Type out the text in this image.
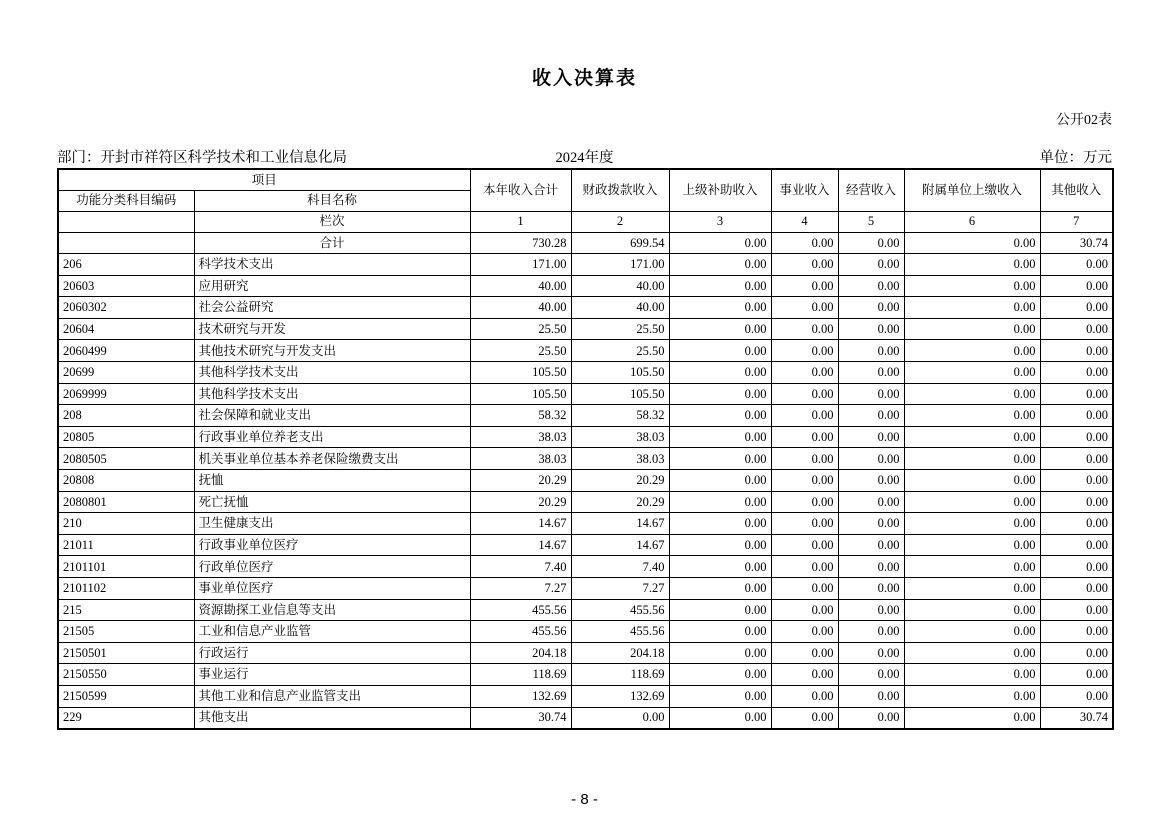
收入决算表
公开02表
部门：开封市祥符区科学技术和工业信息化局	2024年度	单位：万元
项目		本年收入合计	财政拨款收入	上级补助收入	事业收入	经营收入	附属单位上缴收入	其他收入
功能分类科目编码	科目名称							
	栏次	1	2	3	4	5	6	7
	合计	730.28	699.54	0.00	0.00	0.00	0.00	30.74
206	科学技术支出	171.00	171.00	0.00	0.00	0.00	0.00	0.00
20603	应用研究	40.00	40.00	0.00	0.00	0.00	0.00	0.00
2060302	社会公益研究	40.00	40.00	0.00	0.00	0.00	0.00	0.00
20604	技术研究与开发	25.50	25.50	0.00	0.00	0.00	0.00	0.00
2060499	其他技术研究与开发支出	25.50	25.50	0.00	0.00	0.00	0.00	0.00
20699	其他科学技术支出	105.50	105.50	0.00	0.00	0.00	0.00	0.00
2069999	其他科学技术支出	105.50	105.50	0.00	0.00	0.00	0.00	0.00
208	社会保障和就业支出	58.32	58.32	0.00	0.00	0.00	0.00	0.00
20805	行政事业单位养老支出	38.03	38.03	0.00	0.00	0.00	0.00	0.00
2080505	机关事业单位基本养老保险缴费支出	38.03	38.03	0.00	0.00	0.00	0.00	0.00
20808	抚恤	20.29	20.29	0.00	0.00	0.00	0.00	0.00
2080801	死亡抚恤	20.29	20.29	0.00	0.00	0.00	0.00	0.00
210	卫生健康支出	14.67	14.67	0.00	0.00	0.00	0.00	0.00
21011	行政事业单位医疗	14.67	14.67	0.00	0.00	0.00	0.00	0.00
2101101	行政单位医疗	7.40	7.40	0.00	0.00	0.00	0.00	0.00
2101102	事业单位医疗	7.27	7.27	0.00	0.00	0.00	0.00	0.00
215	资源勘探工业信息等支出	455.56	455.56	0.00	0.00	0.00	0.00	0.00
21505	工业和信息产业监管	455.56	455.56	0.00	0.00	0.00	0.00	0.00
2150501	行政运行	204.18	204.18	0.00	0.00	0.00	0.00	0.00
2150550	事业运行	118.69	118.69	0.00	0.00	0.00	0.00	0.00
2150599	其他工业和信息产业监管支出	132.69	132.69	0.00	0.00	0.00	0.00	0.00
229	其他支出	30.74	0.00	0.00	0.00	0.00	0.00	30.74
- 8 -
